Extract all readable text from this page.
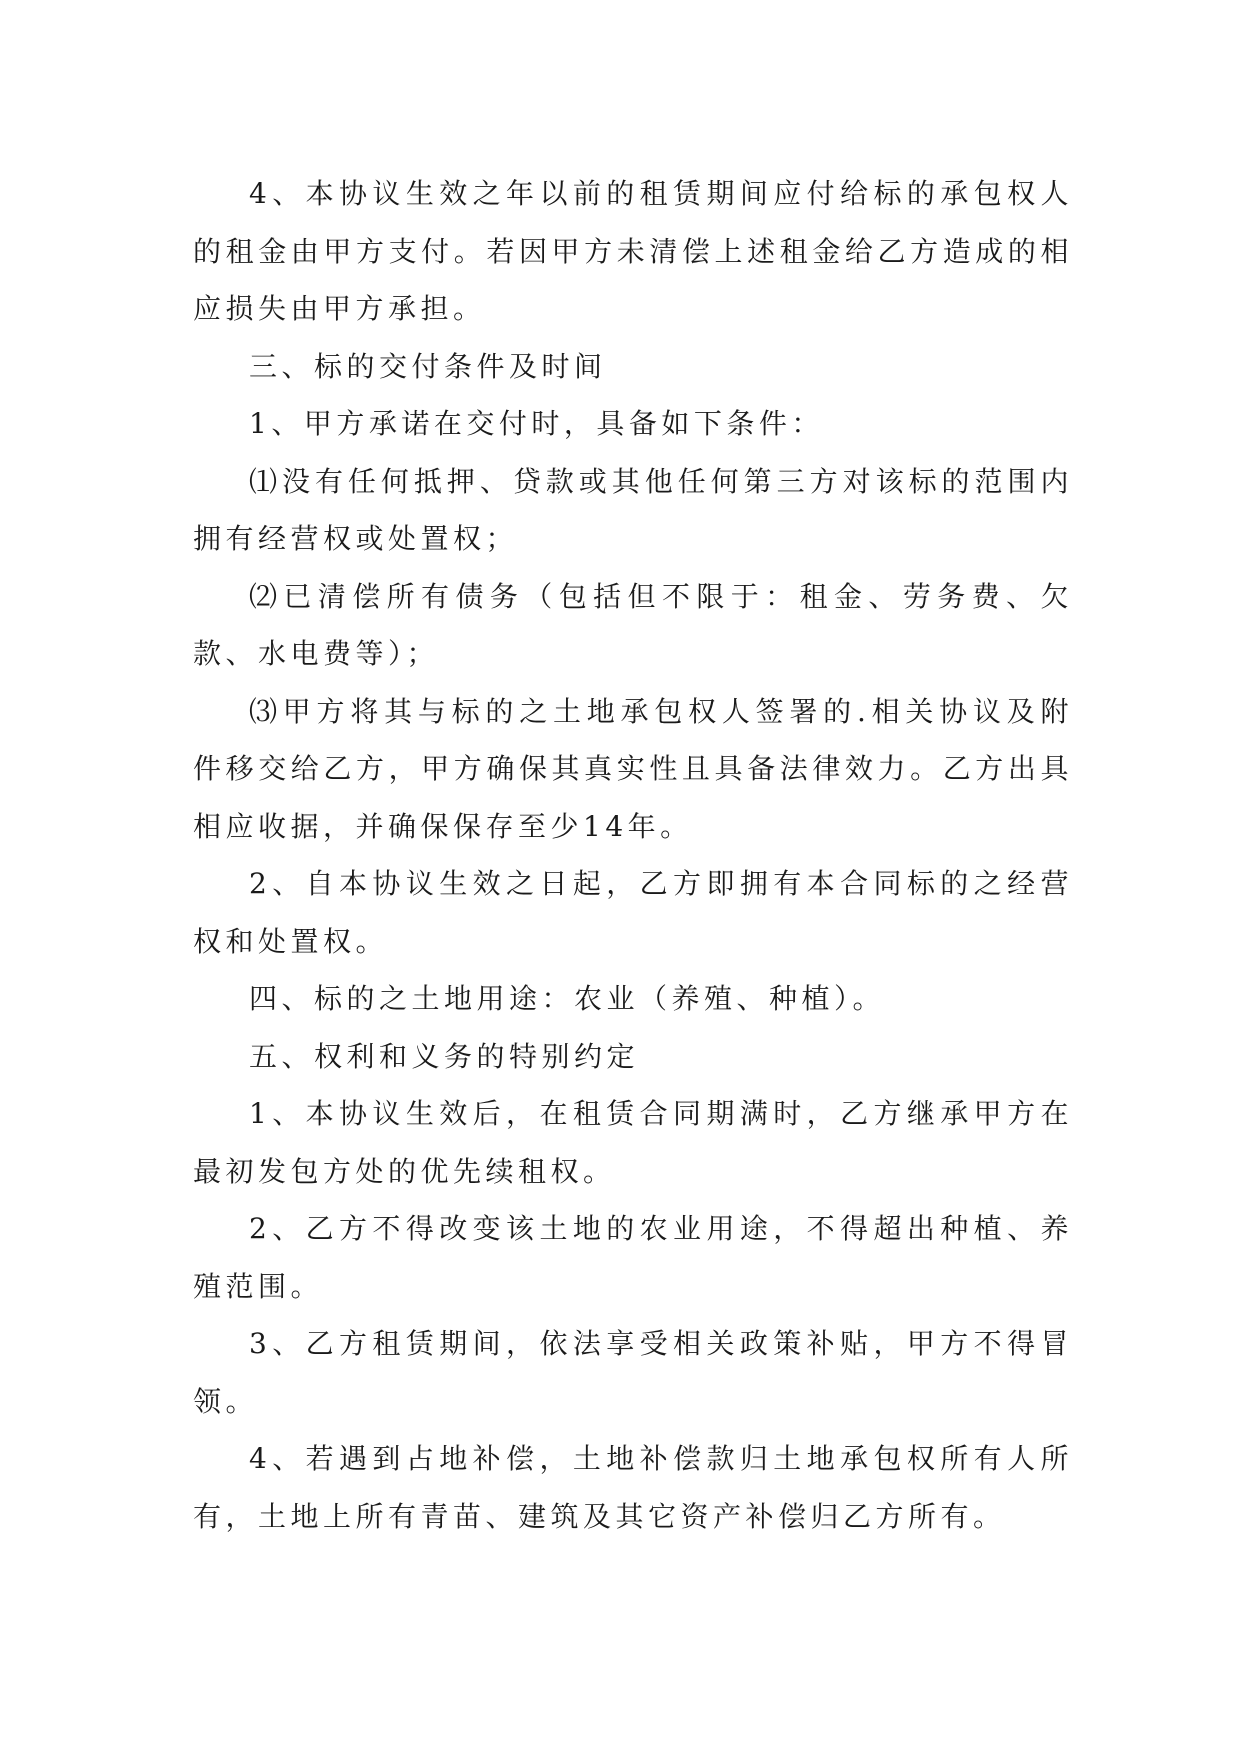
4、本协议生效之年以前的租赁期间应付给标的承包权人的租金由甲方支付。若因甲方未清偿上述租金给乙方造成的相应损失由甲方承担。

三、标的交付条件及时间

1、甲方承诺在交付时，具备如下条件：

⑴没有任何抵押、贷款或其他任何第三方对该标的范围内拥有经营权或处置权；

⑵已清偿所有债务（包括但不限于：租金、劳务费、欠款、水电费等）；

⑶甲方将其与标的之土地承包权人签署的.相关协议及附件移交给乙方，甲方确保其真实性且具备法律效力。乙方出具相应收据，并确保保存至少14年。

2、自本协议生效之日起，乙方即拥有本合同标的之经营权和处置权。

四、标的之土地用途：农业（养殖、种植）。

五、权利和义务的特别约定

1、本协议生效后，在租赁合同期满时，乙方继承甲方在最初发包方处的优先续租权。

2、乙方不得改变该土地的农业用途，不得超出种植、养殖范围。

3、乙方租赁期间，依法享受相关政策补贴，甲方不得冒领。

4、若遇到占地补偿，土地补偿款归土地承包权所有人所有，土地上所有青苗、建筑及其它资产补偿归乙方所有。
